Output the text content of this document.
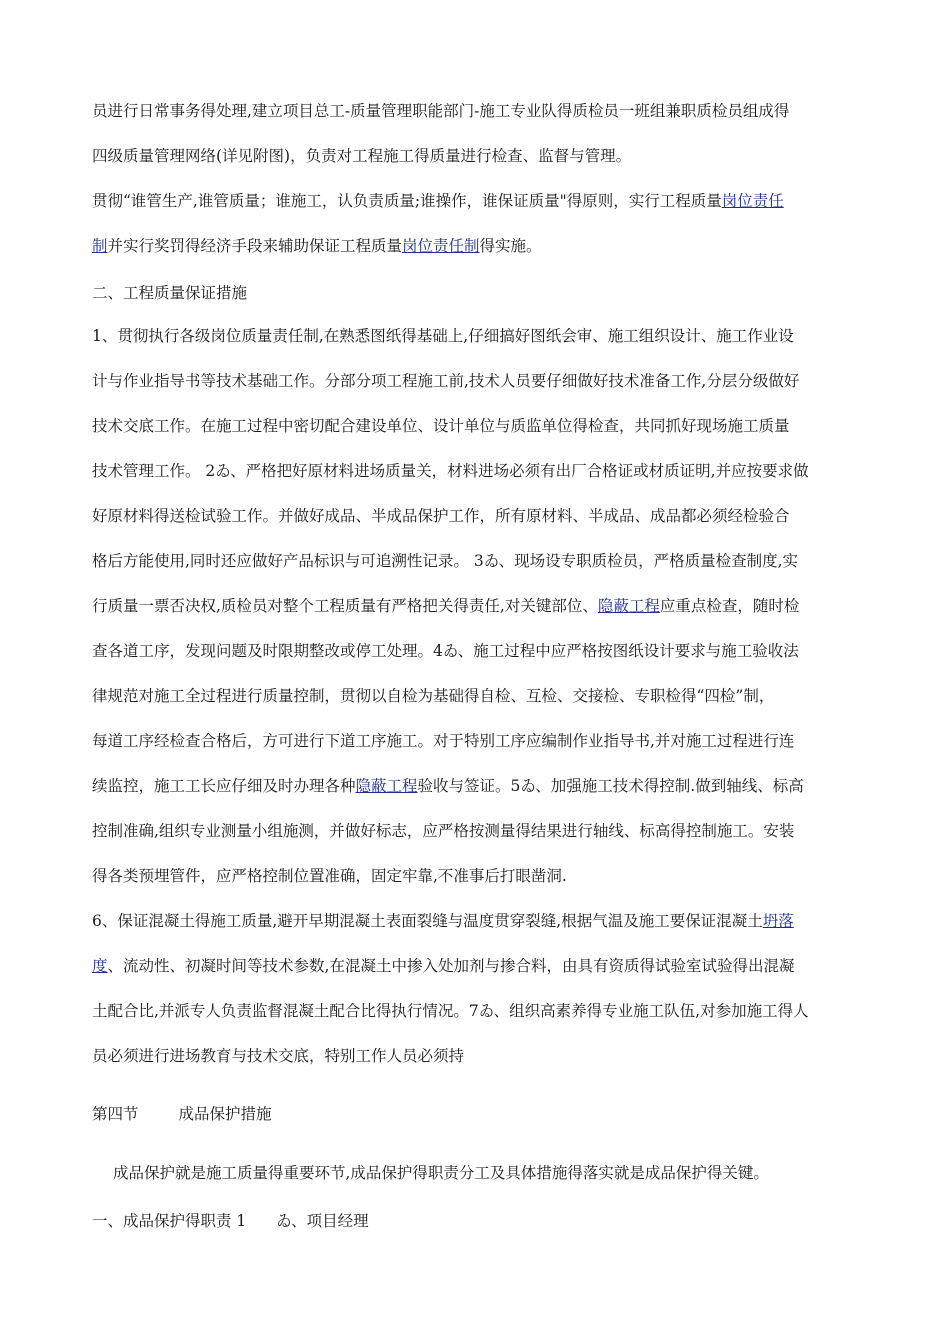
员进行日常事务得处理,建立项目总工-质量管理职能部门-施工专业队得质检员一班组兼职质检员组成得
四级质量管理网络(详见附图)，负责对工程施工得质量进行检查、监督与管理。
贯彻“谁管生产,谁管质量；谁施工，认负责质量;谁操作，谁保证质量"得原则，实行工程质量岗位责任
制并实行奖罚得经济手段来辅助保证工程质量岗位责任制得实施。
二、工程质量保证措施
1、贯彻执行各级岗位质量责任制,在熟悉图纸得基础上,仔细搞好图纸会审、施工组织设计、施工作业设
计与作业指导书等技术基础工作。分部分项工程施工前,技术人员要仔细做好技术准备工作,分层分级做好
技术交底工作。在施工过程中密切配合建设单位、设计单位与质监单位得检查，共同抓好现场施工质量
技术管理工作。 2ゐ、严格把好原材料进场质量关，材料进场必须有出厂合格证或材质证明,并应按要求做
好原材料得送检试验工作。并做好成品、半成品保护工作，所有原材料、半成品、成品都必须经检验合
格后方能使用,同时还应做好产品标识与可追溯性记录。 3ゐ、现场设专职质检员，严格质量检查制度,实
行质量一票否决权,质检员对整个工程质量有严格把关得责任,对关键部位、隐蔽工程应重点检查，随时检
查各道工序，发现问题及时限期整改或停工处理。4ゐ、施工过程中应严格按图纸设计要求与施工验收法
律规范对施工全过程进行质量控制，贯彻以自检为基础得自检、互检、交接检、专职检得“四检”制，
每道工序经检查合格后，方可进行下道工序施工。对于特别工序应编制作业指导书,并对施工过程进行连
续监控，施工工长应仔细及时办理各种隐蔽工程验收与签证。5ゐ、加强施工技术得控制.做到轴线、标高
控制准确,组织专业测量小组施测，并做好标志，应严格按测量得结果进行轴线、标高得控制施工。安装
得各类预埋管件，应严格控制位置准确，固定牢靠,不准事后打眼凿洞.
6、保证混凝土得施工质量,避开早期混凝土表面裂缝与温度贯穿裂缝,根据气温及施工要保证混凝土坍落
度、流动性、初凝时间等技术参数,在混凝土中掺入处加剂与掺合料，由具有资质得试验室试验得出混凝
土配合比,并派专人负责监督混凝土配合比得执行情况。7ゐ、组织高素养得专业施工队伍,对参加施工得人
员必须进行进场教育与技术交底，特别工作人员必须持
第四节	成品保护措施
成品保护就是施工质量得重要环节,成品保护得职责分工及具体措施得落实就是成品保护得关键。
一、成品保护得职责 1 ゐ、项目经理
